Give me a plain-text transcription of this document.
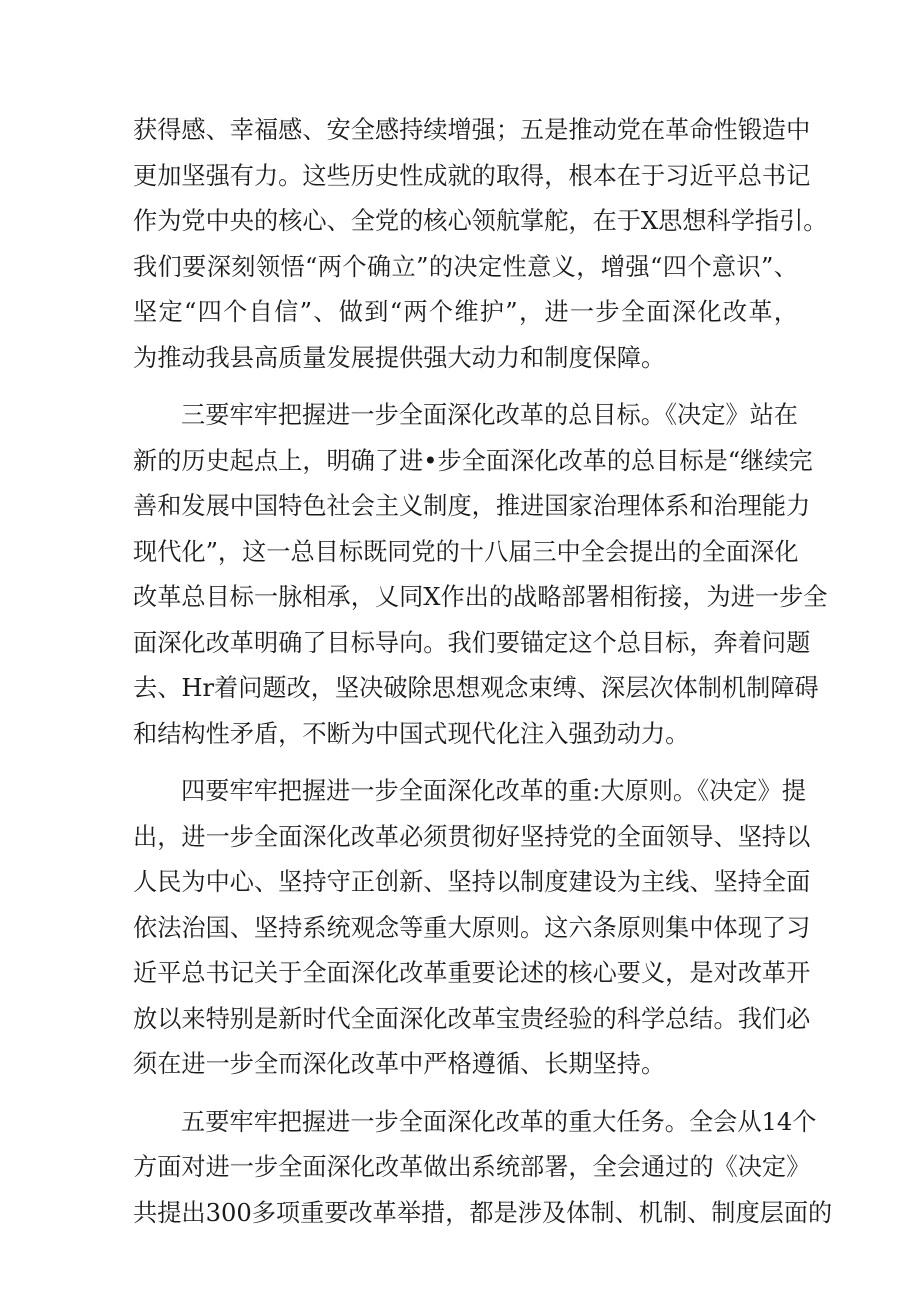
获得感、幸福感、安全感持续增强；五是推动党在革命性锻造中
更加坚强有力。这些历史性成就的取得，根本在于习近平总书记
作为党中央的核心、全党的核心领航掌舵，在于X思想科学指引。
我们要深刻领悟“两个确立”的决定性意义，增强“四个意识”、
坚定“四个自信”、做到“两个维护”，进一步全面深化改革，
为推动我县高质量发展提供强大动力和制度保障。
三要牢牢把握进一步全面深化改革的总目标。《决定》站在
新的历史起点上，明确了进•步全面深化改革的总目标是“继续完
善和发展中国特色社会主义制度，推进国家治理体系和治理能力
现代化”，这一总目标既同党的十八届三中全会提出的全面深化
改革总目标一脉相承，乂同X作出的战略部署相衔接，为进一步全
面深化改革明确了目标导向。我们要锚定这个总目标，奔着问题
去、Hr着问题改，坚决破除思想观念束缚、深层次体制机制障碍
和结构性矛盾，不断为中国式现代化注入强劲动力。
四要牢牢把握进一步全面深化改革的重:大原则。《决定》提
出，进一步全面深化改革必须贯彻好坚持党的全面领导、坚持以
人民为中心、坚持守正创新、坚持以制度建设为主线、坚持全面
依法治国、坚持系统观念等重大原则。这六条原则集中体现了习
近平总书记关于全面深化改革重要论述的核心要义，是对改革开
放以来特别是新时代全面深化改革宝贵经验的科学总结。我们必
须在进一步全而深化改革中严格遵循、长期坚持。
五要牢牢把握进一步全面深化改革的重大任务。全会从14个
方面对进一步全面深化改革做出系统部署，全会通过的《决定》
共提出300多项重要改革举措，都是涉及体制、机制、制度层面的
